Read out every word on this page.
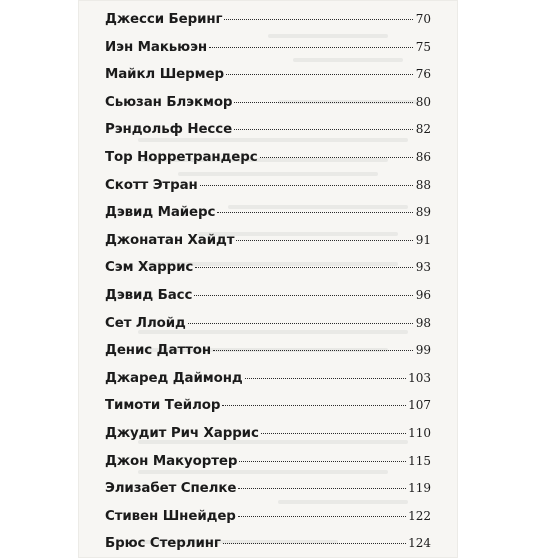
Джесси Беринг	70
Иэн Макьюэн	75
Майкл Шермер	76
Сьюзан Блэкмор	80
Рэндольф Нессе	82
Тор Норретрандерс	86
Скотт Этран	88
Дэвид Майерс	89
Джонатан Хайдт	91
Сэм Харрис	93
Дэвид Басс	96
Сет Ллойд	98
Денис Даттон	99
Джаред Даймонд	103
Тимоти Тейлор	107
Джудит Рич Харрис	110
Джон Макуортер	115
Элизабет Спелке	119
Стивен Шнейдер	122
Брюс Стерлинг	124
